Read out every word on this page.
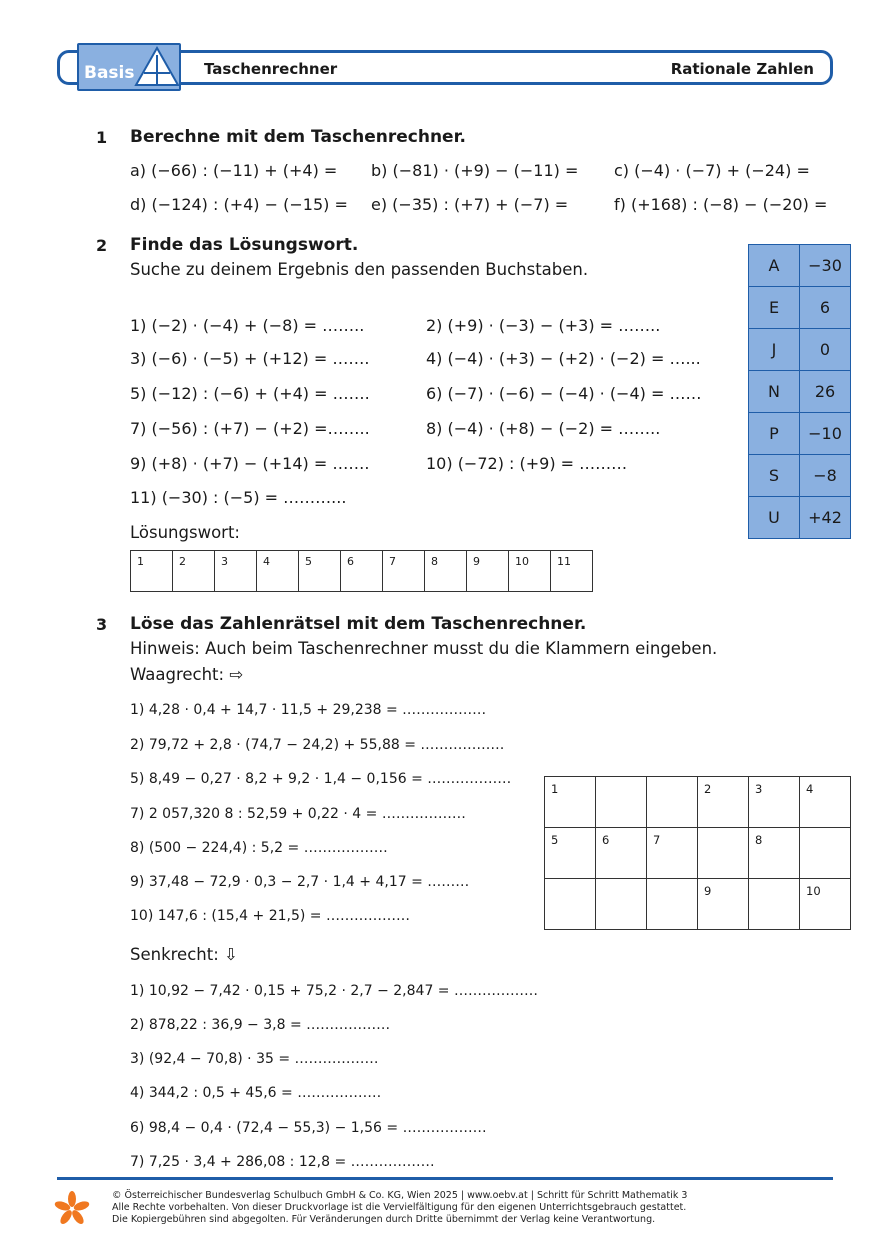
Basis	Taschenrechner	Rationale Zahlen
1 Berechne mit dem Taschenrechner.
a) (−66) : (−11) + (+4) = b) (−81) · (+9) − (−11) = c) (−4) · (−7) + (−24) =
d) (−124) : (+4) − (−15) = e) (−35) : (+7) + (−7) =	f) (+168) : (−8) − (−20) =
2 Finde das Lösungswort.
Suche zu deinem Ergebnis den passenden Buchstaben.
1) (−2) · (−4) + (−8) = ……..	2) (+9) · (−3) − (+3) = ……..
3) (−6) · (−5) + (+12) = …….	4) (−4) · (+3) − (+2) · (−2) = …...
5) (−12) : (−6) + (+4) = …….	6) (−7) · (−6) − (−4) · (−4) = ……
7) (−56) : (+7) − (+2) =……..	8) (−4) · (+8) − (−2) = ……..
9) (+8) · (+7) − (+14) = …….	10) (−72) : (+9) = ………
11) (−30) : (−5) = ………...
Lösungswort:
1	2	3	4	5	6	7	8	9	10	11
A	−30
E	6
J	0
N	26
P	−10
S	−8
U	+42
3 Löse das Zahlenrätsel mit dem Taschenrechner.
Hinweis: Auch beim Taschenrechner musst du die Klammern eingeben.
Waagrecht: ⇨
1) 4,28 · 0,4 + 14,7 · 11,5 + 29,238 = ………………
2) 79,72 + 2,8 · (74,7 − 24,2) + 55,88 = ………………
5) 8,49 − 0,27 · 8,2 + 9,2 · 1,4 − 0,156 = ………………
7) 2 057,320 8 : 52,59 + 0,22 · 4 = ………………
8) (500 − 224,4) : 5,2 = ………………
9) 37,48 − 72,9 · 0,3 − 2,7 · 1,4 + 4,17 = ………
10) 147,6 : (15,4 + 21,5) = ………………
1			2	3	4
5	6	7		8	
			9		10
Senkrecht: ⇩
1) 10,92 − 7,42 · 0,15 + 75,2 · 2,7 − 2,847 = ………………
2) 878,22 : 36,9 − 3,8 = ………………
3) (92,4 − 70,8) · 35 = ………………
4) 344,2 : 0,5 + 45,6 = ………………
6) 98,4 − 0,4 · (72,4 − 55,3) − 1,56 = ………………
7) 7,25 · 3,4 + 286,08 : 12,8 = ………………
© Österreichischer Bundesverlag Schulbuch GmbH & Co. KG, Wien 2025 | www.oebv.at | Schritt für Schritt Mathematik 3
Alle Rechte vorbehalten. Von dieser Druckvorlage ist die Vervielfältigung für den eigenen Unterrichtsgebrauch gestattet.
Die Kopiergebühren sind abgegolten. Für Veränderungen durch Dritte übernimmt der Verlag keine Verantwortung.
